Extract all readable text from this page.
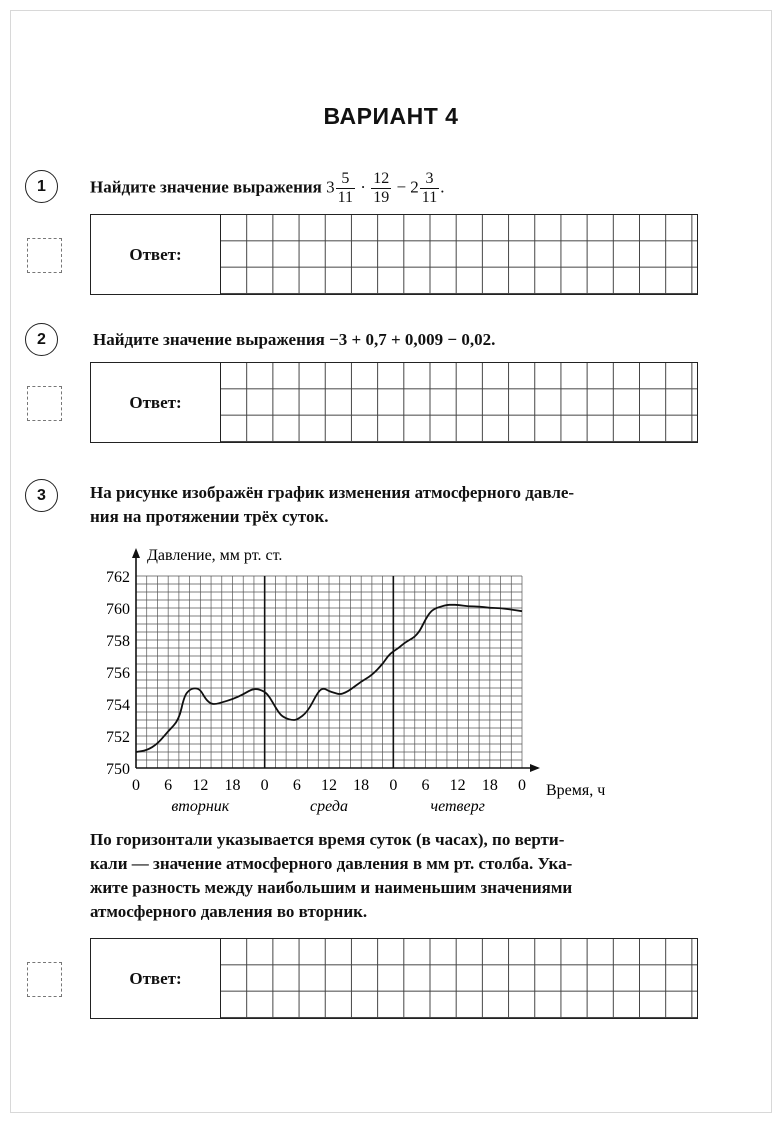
ВАРИАНТ 4
1	Найдите значение выражения $3 \frac{5}{11} \cdot \frac{12}{19} - 2 \frac{3}{11}$ .
Ответ:
2	Найдите значение выражения −3 + 0,7 + 0,009 − 0,02.
Ответ:
3	На рисунке изображён график изменения атмосферного давле-
ния на протяжении трёх суток.
750
752
754
756
758
760
762
0 6 12 18 0 6 12 18 0 6 12 18 0
вторник	среда	четверг
Давление, мм рт. ст.
Время, ч
По горизонтали указывается время суток (в часах), по верти-
кали — значение атмосферного давления в мм рт. столба. Ука-
жите разность между наибольшим и наименьшим значениями
атмосферного давления во вторник.
Ответ:
